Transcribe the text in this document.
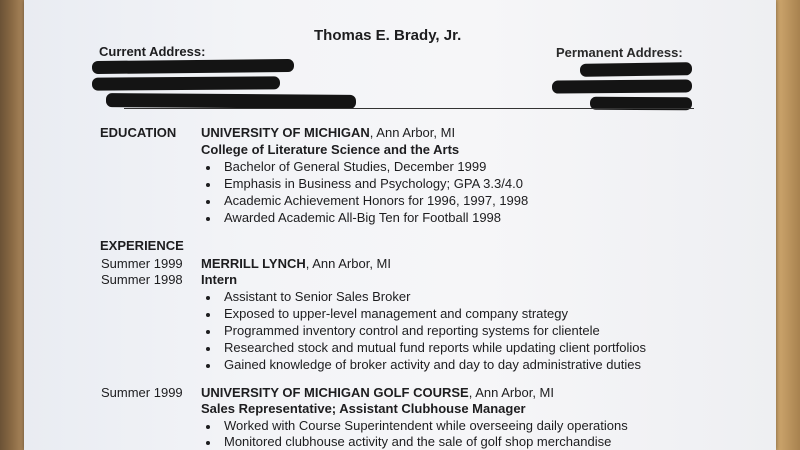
Thomas E. Brady, Jr.
Current Address:	Permanent Address:
EDUCATION UNIVERSITY OF MICHIGAN, Ann Arbor, MI
College of Literature Science and the Arts
Bachelor of General Studies, December 1999
Emphasis in Business and Psychology; GPA 3.3/4.0
Academic Achievement Honors for 1996, 1997, 1998
Awarded Academic All-Big Ten for Football 1998
EXPERIENCE
Summer 1999
Summer 1998
MERRILL LYNCH, Ann Arbor, MI
Intern
Assistant to Senior Sales Broker
Exposed to upper-level management and company strategy
Programmed inventory control and reporting systems for clientele
Researched stock and mutual fund reports while updating client portfolios
Gained knowledge of broker activity and day to day administrative duties
Summer 1999 UNIVERSITY OF MICHIGAN GOLF COURSE, Ann Arbor, MI
Sales Representative; Assistant Clubhouse Manager
Worked with Course Superintendent while overseeing daily operations
Monitored clubhouse activity and the sale of golf shop merchandise
